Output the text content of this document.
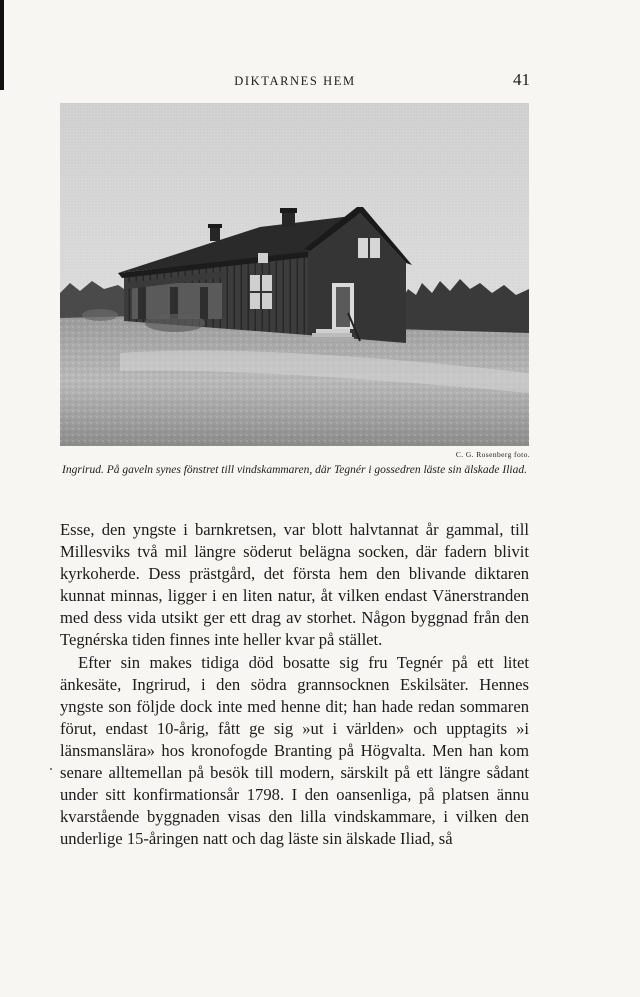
DIKTARNES HEM	41
C. G. Rosenberg foto.
Ingrirud. På gaveln synes fönstret till vindskammaren, där Tegnér i gossedren läste sin älskade Iliad.

Esse, den yngste i barnkretsen, var blott halvtannat år gammal, till Millesviks två mil längre söderut belägna socken, där fadern blivit kyrkoherde. Dess prästgård, det första hem den blivande diktaren kunnat minnas, ligger i en liten natur, åt vilken endast Vänerstranden med dess vida utsikt ger ett drag av storhet. Någon byggnad från den Tegnérska tiden finnes inte heller kvar på stället.

Efter sin makes tidiga död bosatte sig fru Tegnér på ett litet änkesäte, Ingrirud, i den södra grannsocknen Eskilsäter. Hennes yngste son följde dock inte med henne dit; han hade redan sommaren förut, endast 10-årig, fått ge sig »ut i världen» och upptagits »i länsmanslära» hos kronofogde Branting på Högvalta. Men han kom senare alltemellan på besök till modern, särskilt på ett längre sådant under sitt konfirmationsår 1798. I den oansenliga, på platsen ännu kvarstående byggnaden visas den lilla vindskammare, i vilken den underlige 15-åringen natt och dag läste sin älskade Iliad, så
